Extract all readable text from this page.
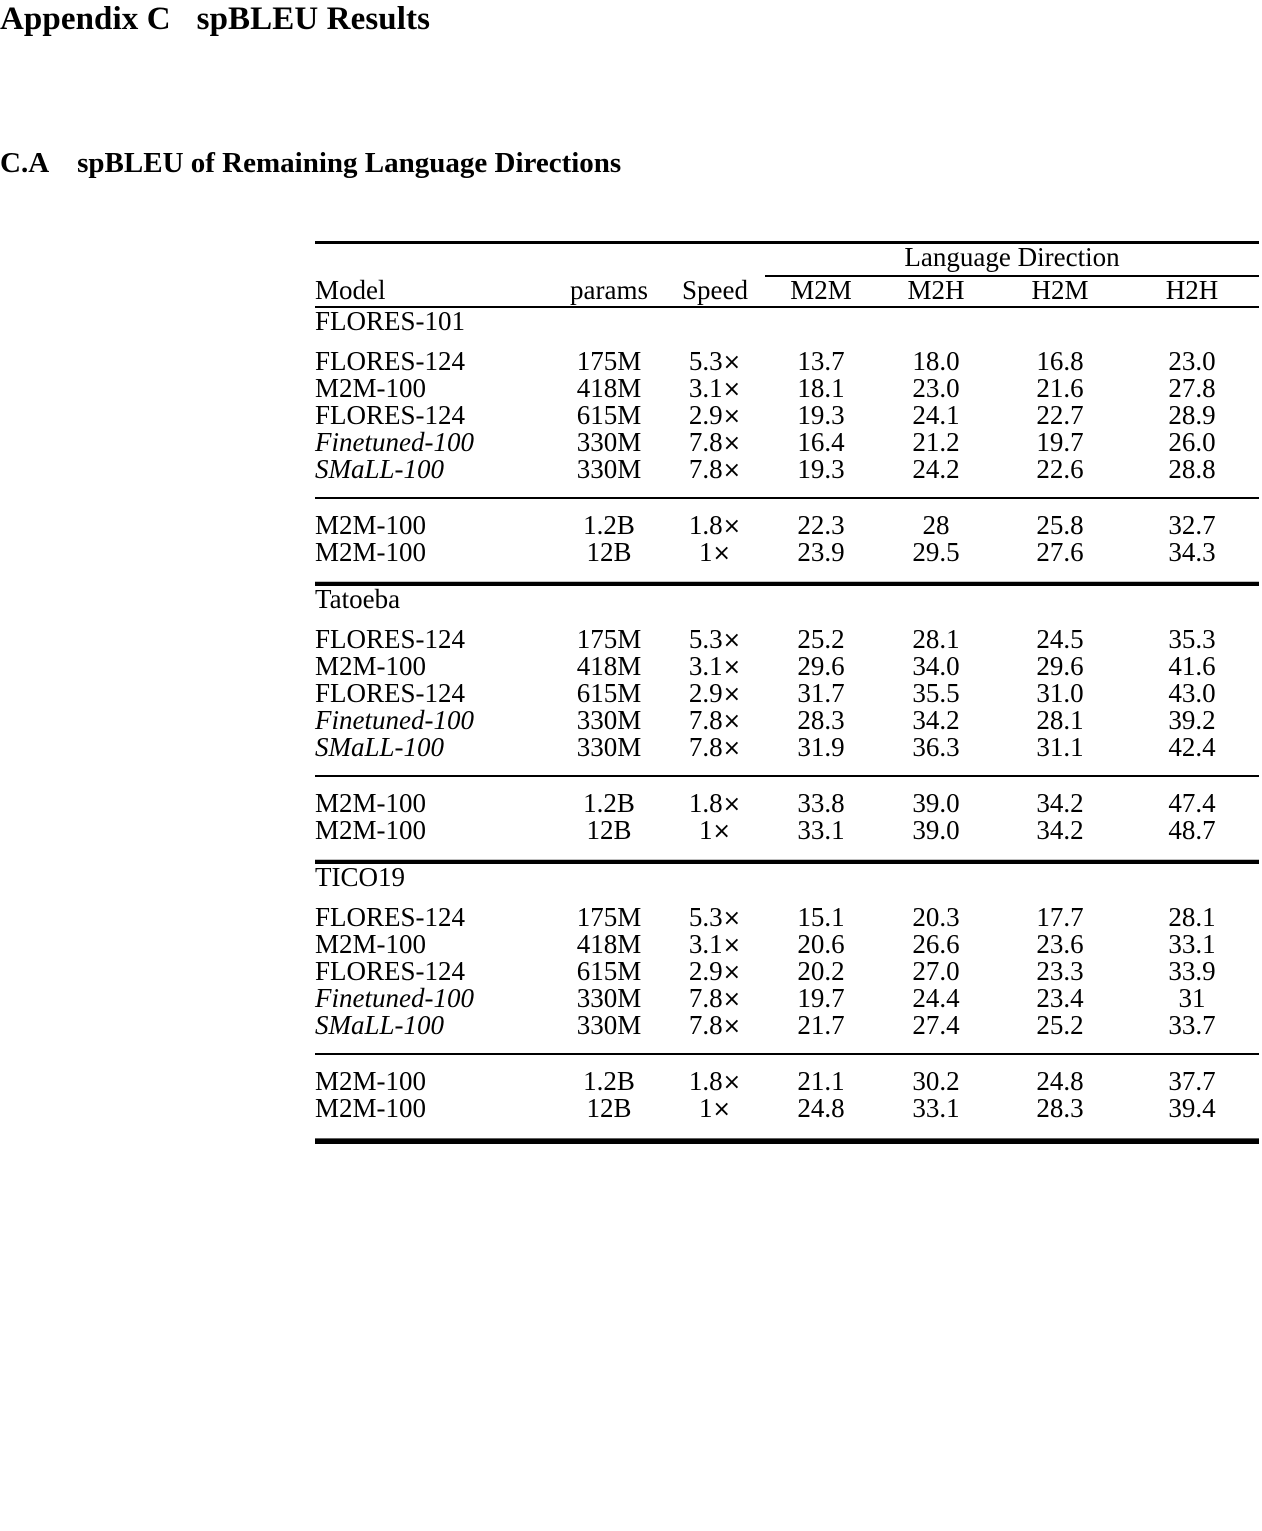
Appendix C spBLEU Results
C.A spBLEU of Remaining Language Directions

			Language Direction			
Model	params	Speed	M2M	M2H	H2M	H2H

FLORES-101						
FLORES-124	175M	5.3×	13.7	18.0	16.8	23.0
M2M-100	418M	3.1×	18.1	23.0	21.6	27.8
FLORES-124	615M	2.9×	19.3	24.1	22.7	28.9
Finetuned-100	330M	7.8×	16.4	21.2	19.7	26.0
SMaLL-100	330M	7.8×	19.3	24.2	22.6	28.8

M2M-100	1.2B	1.8×	22.3	28	25.8	32.7
M2M-100	12B	1×	23.9	29.5	27.6	34.3

Tatoeba						
FLORES-124	175M	5.3×	25.2	28.1	24.5	35.3
M2M-100	418M	3.1×	29.6	34.0	29.6	41.6
FLORES-124	615M	2.9×	31.7	35.5	31.0	43.0
Finetuned-100	330M	7.8×	28.3	34.2	28.1	39.2
SMaLL-100	330M	7.8×	31.9	36.3	31.1	42.4

M2M-100	1.2B	1.8×	33.8	39.0	34.2	47.4
M2M-100	12B	1×	33.1	39.0	34.2	48.7

TICO19						
FLORES-124	175M	5.3×	15.1	20.3	17.7	28.1
M2M-100	418M	3.1×	20.6	26.6	23.6	33.1
FLORES-124	615M	2.9×	20.2	27.0	23.3	33.9
Finetuned-100	330M	7.8×	19.7	24.4	23.4	31
SMaLL-100	330M	7.8×	21.7	27.4	25.2	33.7

M2M-100	1.2B	1.8×	21.1	30.2	24.8	37.7
M2M-100	12B	1×	24.8	33.1	28.3	39.4
